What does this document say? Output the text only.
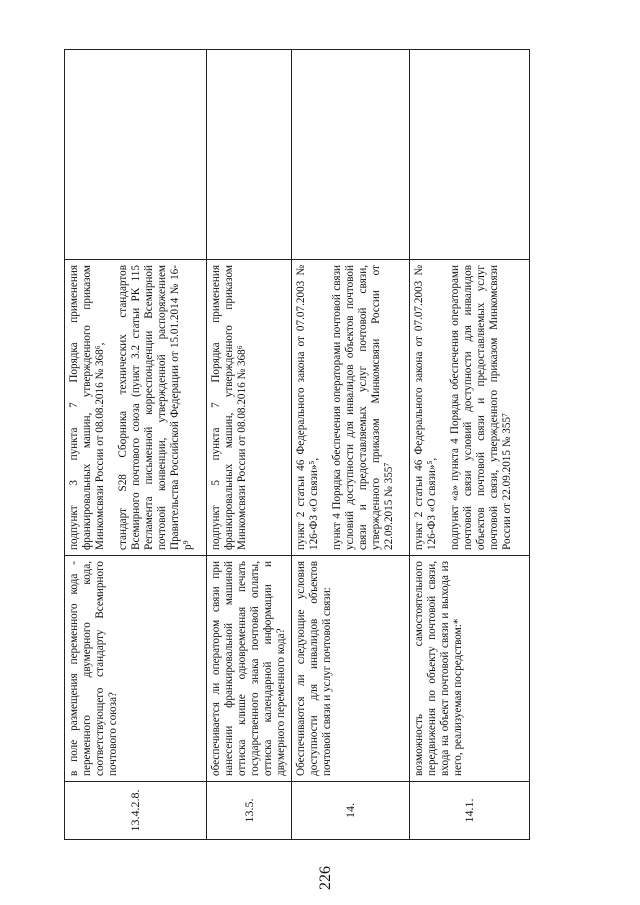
226
13.4.2.8.	в поле размещения переменного кода - переменного двумерного кода, соответствующего стандарту Всемирного почтового союза?	подпункт 3 пункта 7 Порядка применения франкировальных машин, утвержденного приказом Минкомсвязи России от 08.08.2016 № 368⁶, стандарт S28 Сборника технических стандартов Всемирного почтового союза (пункт 3.2 статьи РК 115 Регламента письменной корреспонденции Всемирной почтовой конвенции, утвержденной распоряжением Правительства Российской Федерации от 15.01.2014 № 16-р⁹	

13.5.	обеспечивается ли оператором связи при нанесении франкировальной машиной оттиска клише одновременная печать государственного знака почтовой оплаты, оттиска календарной информации и двумерного переменного кода?	подпункт 5 пункта 7 Порядка применения франкировальных машин, утвержденного приказом Минкомсвязи России от 08.08.2016 № 368⁶	

14.	Обеспечиваются ли следующие условия доступности для инвалидов объектов почтовой связи и услуг почтовой связи:	пункт 2 статьи 46 Федерального закона от 07.07.2003 № 126-ФЗ «О связи»⁵, пункт 4 Порядка обеспечения операторами почтовой связи условий доступности для инвалидов объектов почтовой связи и предоставляемых услуг почтовой связи, утвержденного приказом Минкомсвязи России от 22.09.2015 № 355⁷	

14.1.	возможность самостоятельного передвижения по объекту почтовой связи, входа на объект почтовой связи и выхода из него, реализуемая посредством:*	пункт 2 статьи 46 Федерального закона от 07.07.2003 № 126-ФЗ «О связи»⁵, подпункт «а» пункта 4 Порядка обеспечения операторами почтовой связи условий доступности для инвалидов объектов почтовой связи и предоставляемых услуг почтовой связи, утвержденного приказом Минкомсвязи России от 22.09.2015 № 355⁷	
